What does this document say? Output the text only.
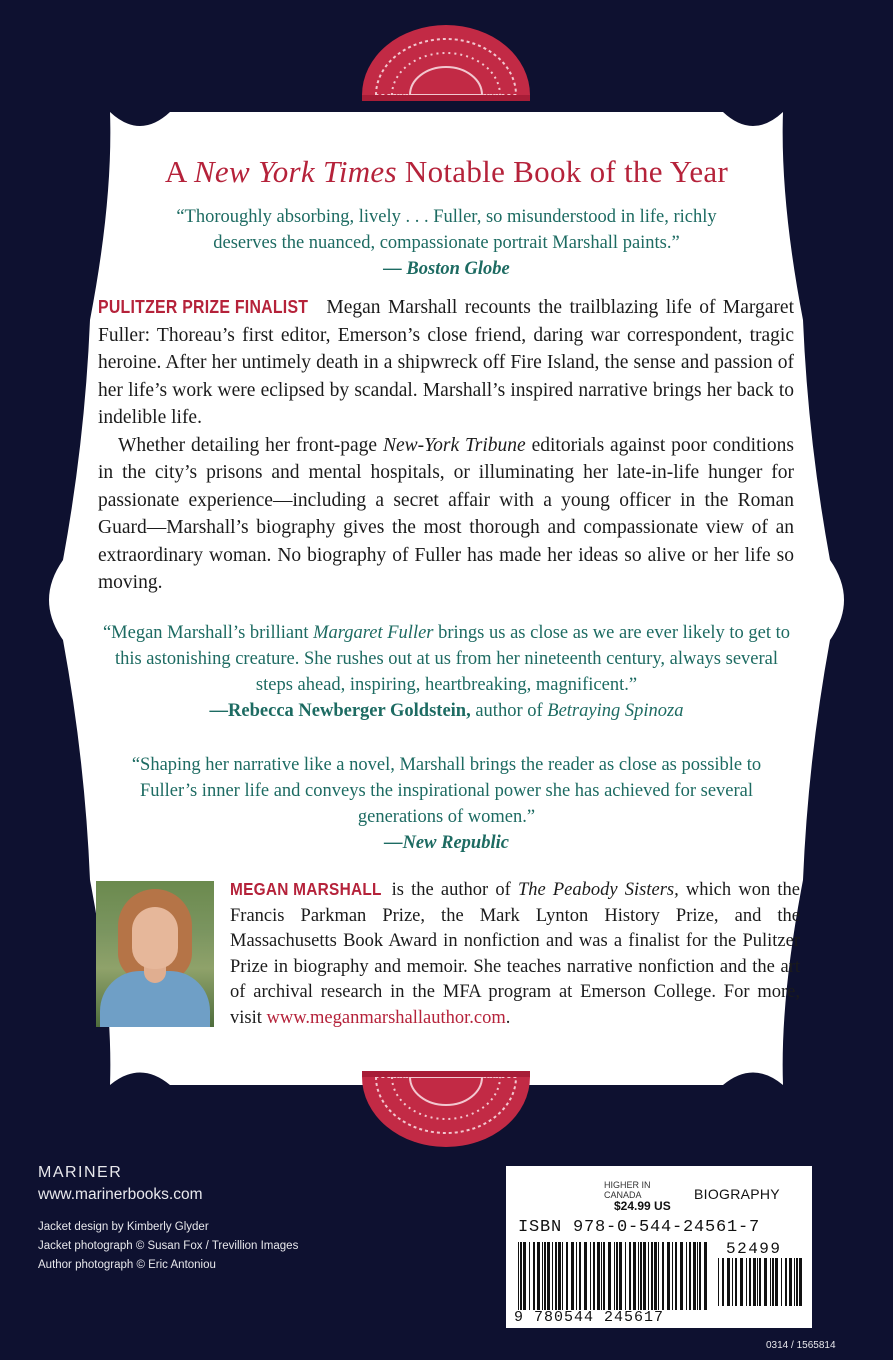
A New York Times Notable Book of the Year
“Thoroughly absorbing, lively . . . Fuller, so misunderstood in life, richly deserves the nuanced, compassionate portrait Marshall paints.”
— Boston Globe

PULITZER PRIZE FINALIST Megan Marshall recounts the trailblazing life of Margaret Fuller: Thoreau’s first editor, Emerson’s close friend, daring war correspondent, tragic heroine. After her untimely death in a shipwreck off Fire Island, the sense and passion of her life’s work were eclipsed by scandal. Marshall’s inspired narrative brings her back to indelible life.

Whether detailing her front-page New-York Tribune editorials against poor conditions in the city’s prisons and mental hospitals, or illuminating her late-in-life hunger for passionate experience—including a secret affair with a young officer in the Roman Guard—Marshall’s biography gives the most thorough and compassionate view of an extraordinary woman. No biography of Fuller has made her ideas so alive or her life so moving.

“Megan Marshall’s brilliant Margaret Fuller brings us as close as we are ever likely to get to this astonishing creature. She rushes out at us from her nineteenth century, always several steps ahead, inspiring, heartbreaking, magnificent.”
—Rebecca Newberger Goldstein, author of Betraying Spinoza
“Shaping her narrative like a novel, Marshall brings the reader as close as possible to Fuller’s inner life and conveys the inspirational power she has achieved for several generations of women.”
—New Republic
MEGAN MARSHALL is the author of The Peabody Sisters, which won the Francis Parkman Prize, the Mark Lynton History Prize, and the Massachusetts Book Award in nonfiction and was a finalist for the Pulitzer Prize in biography and memoir. She teaches narrative nonfiction and the art of archival research in the MFA program at Emerson College. For more, visit www.meganmarshallauthor.com.
MARINER
www.marinerbooks.com
Jacket design by Kimberly Glyder
Jacket photograph © Susan Fox / Trevillion Images
Author photograph © Eric Antoniou
HIGHER IN CANADA
$24.99 US
BIOGRAPHY
ISBN 978-0-544-24561-7
52499
9 780544 245617
0314 / 1565814
